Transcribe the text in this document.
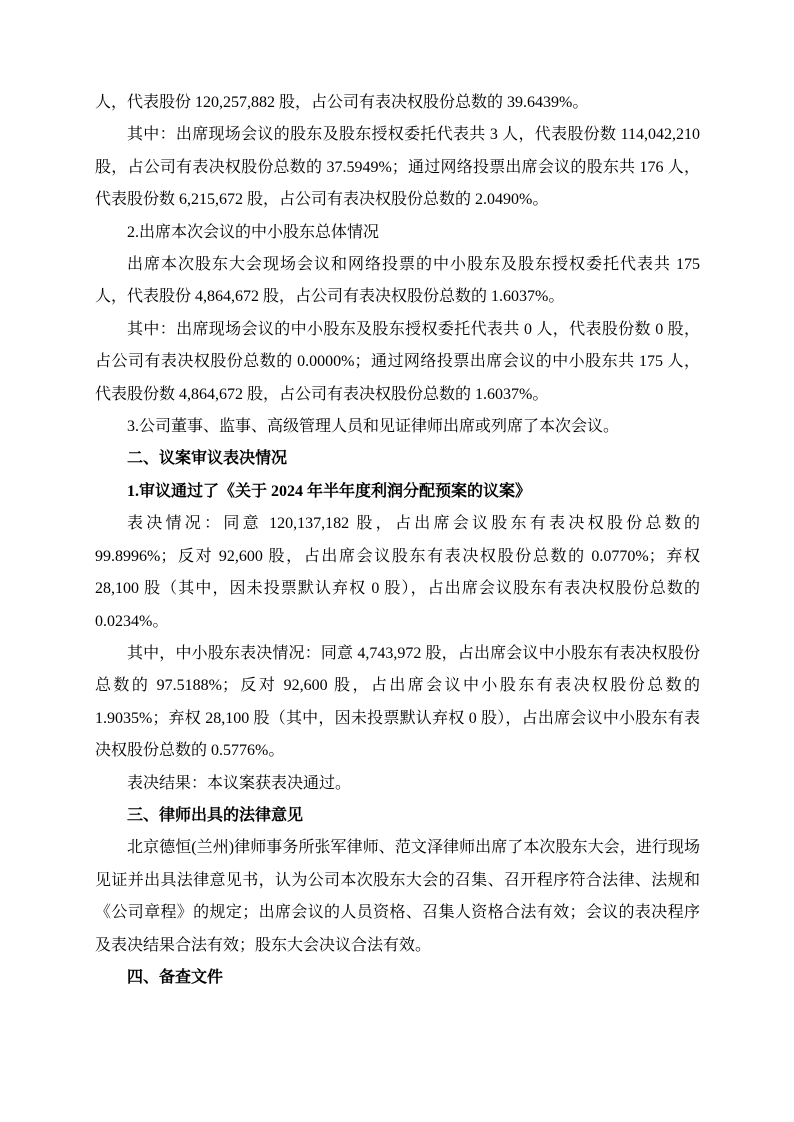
人，代表股份 120,257,882 股，占公司有表决权股份总数的 39.6439%。

其中：出席现场会议的股东及股东授权委托代表共 3 人，代表股份数 114,042,210 股，占公司有表决权股份总数的 37.5949%；通过网络投票出席会议的股东共 176 人，代表股份数 6,215,672 股，占公司有表决权股份总数的 2.0490%。

2.出席本次会议的中小股东总体情况

出席本次股东大会现场会议和网络投票的中小股东及股东授权委托代表共 175 人，代表股份 4,864,672 股，占公司有表决权股份总数的 1.6037%。

其中：出席现场会议的中小股东及股东授权委托代表共 0 人，代表股份数 0 股，占公司有表决权股份总数的 0.0000%；通过网络投票出席会议的中小股东共 175 人，代表股份数 4,864,672 股，占公司有表决权股份总数的 1.6037%。

3.公司董事、监事、高级管理人员和见证律师出席或列席了本次会议。

二、议案审议表决情况

1.审议通过了《关于 2024 年半年度利润分配预案的议案》

表决情况：同意 120,137,182 股，占出席会议股东有表决权股份总数的 99.8996%；反对 92,600 股，占出席会议股东有表决权股份总数的 0.0770%；弃权 28,100 股（其中，因未投票默认弃权 0 股），占出席会议股东有表决权股份总数的 0.0234%。

其中，中小股东表决情况：同意 4,743,972 股，占出席会议中小股东有表决权股份总数的 97.5188%；反对 92,600 股，占出席会议中小股东有表决权股份总数的 1.9035%；弃权 28,100 股（其中，因未投票默认弃权 0 股），占出席会议中小股东有表决权股份总数的 0.5776%。

表决结果：本议案获表决通过。

三、律师出具的法律意见

北京德恒(兰州)律师事务所张军律师、范文泽律师出席了本次股东大会，进行现场见证并出具法律意见书，认为公司本次股东大会的召集、召开程序符合法律、法规和《公司章程》的规定；出席会议的人员资格、召集人资格合法有效；会议的表决程序及表决结果合法有效；股东大会决议合法有效。

四、备查文件
